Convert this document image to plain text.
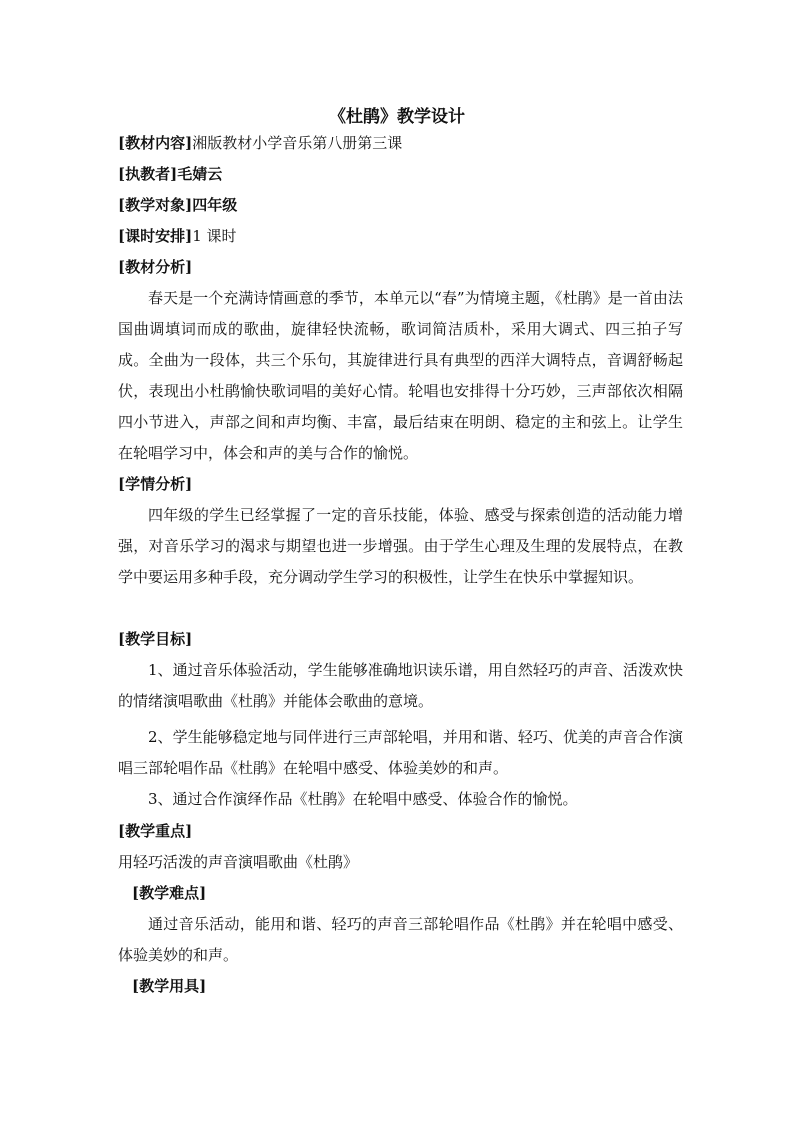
《杜鹃》教学设计
[教材内容]湘版教材小学音乐第八册第三课
[执教者]毛婧云
[教学对象]四年级
[课时安排]1 课时
[教材分析]

春天是一个充满诗情画意的季节，本单元以“春”为情境主题，《杜鹃》是一首由法国曲调填词而成的歌曲，旋律轻快流畅，歌词简洁质朴，采用大调式、四三拍子写成。全曲为一段体，共三个乐句，其旋律进行具有典型的西洋大调特点，音调舒畅起伏，表现出小杜鹃愉快歌词唱的美好心情。轮唱也安排得十分巧妙，三声部依次相隔四小节进入，声部之间和声均衡、丰富，最后结束在明朗、稳定的主和弦上。让学生在轮唱学习中，体会和声的美与合作的愉悦。

[学情分析]

四年级的学生已经掌握了一定的音乐技能，体验、感受与探索创造的活动能力增强，对音乐学习的渴求与期望也进一步增强。由于学生心理及生理的发展特点，在教学中要运用多种手段，充分调动学生学习的积极性，让学生在快乐中掌握知识。

[教学目标]

1、通过音乐体验活动，学生能够准确地识读乐谱，用自然轻巧的声音、活泼欢快的情绪演唱歌曲《杜鹃》并能体会歌曲的意境。

2、学生能够稳定地与同伴进行三声部轮唱，并用和谐、轻巧、优美的声音合作演唱三部轮唱作品《杜鹃》在轮唱中感受、体验美妙的和声。

3、通过合作演绎作品《杜鹃》在轮唱中感受、体验合作的愉悦。

[教学重点]
用轻巧活泼的声音演唱歌曲《杜鹃》
[教学难点]

通过音乐活动，能用和谐、轻巧的声音三部轮唱作品《杜鹃》并在轮唱中感受、体验美妙的和声。

[教学用具]
